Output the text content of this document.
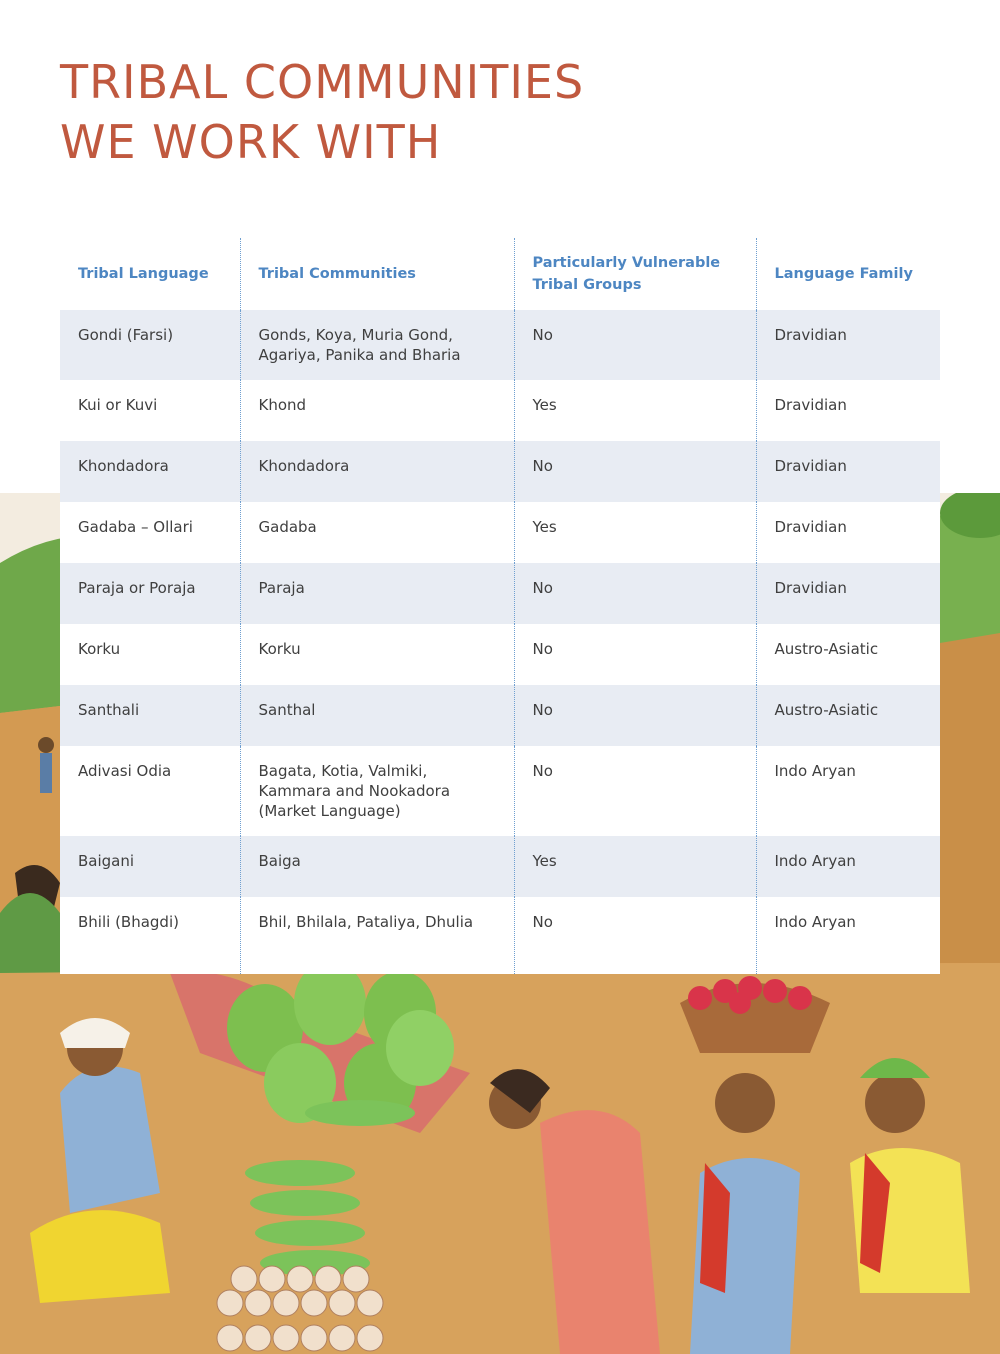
TRIBAL COMMUNITIES
WE WORK WITH
Tribal Language	Tribal Communities	Particularly Vulnerable Tribal Groups	Language Family
Gondi (Farsi)	Gonds, Koya, Muria Gond, Agariya, Panika and Bharia	No	Dravidian
Kui or Kuvi	Khond	Yes	Dravidian
Khondadora	Khondadora	No	Dravidian
Gadaba – Ollari	Gadaba	Yes	Dravidian
Paraja or Poraja	Paraja	No	Dravidian
Korku	Korku	No	Austro-Asiatic
Santhali	Santhal	No	Austro-Asiatic
Adivasi Odia	Bagata, Kotia, Valmiki, Kammara and Nookadora (Market Language)	No	Indo Aryan
Baigani	Baiga	Yes	Indo Aryan
Bhili (Bhagdi)	Bhil, Bhilala, Pataliya, Dhulia	No	Indo Aryan
